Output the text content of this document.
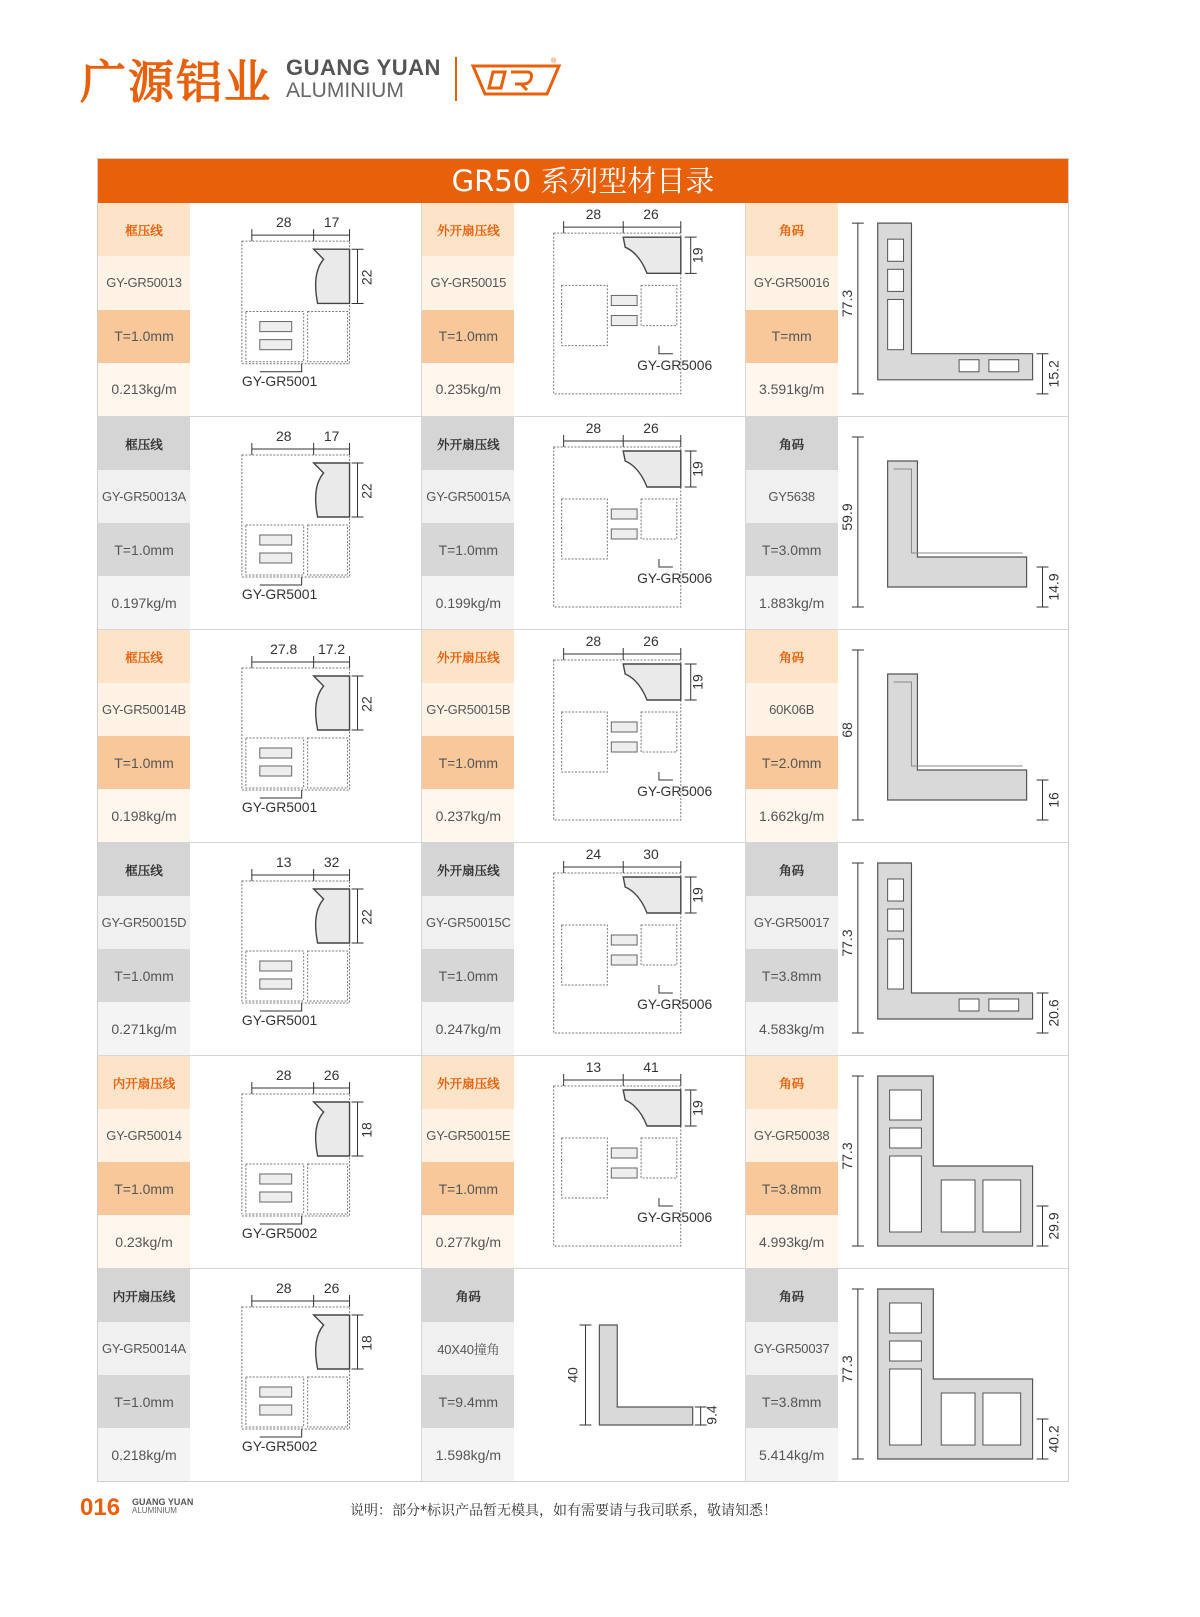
广源铝业 GUANG YUAN
ALUMINIUM
®
GR50 系列型材目录
框压线
GY-GR50013
T=1.0mm
0.213kg/m
28 17
22
GY-GR5001
外开扇压线
GY-GR50015
T=1.0mm
0.235kg/m
28	26
19
GY-GR5006
角码
GY-GR50016
T=mm
3.591kg/m
77.3
15.2
框压线
GY-GR50013A
T=1.0mm
0.197kg/m
28 17
22
GY-GR5001
外开扇压线
GY-GR50015A
T=1.0mm
0.199kg/m
28	26
19
GY-GR5006
角码
GY5638
T=3.0mm
1.883kg/m
59.9
14.9
框压线
GY-GR50014B
T=1.0mm
0.198kg/m
27.8 17.2
22
GY-GR5001
外开扇压线
GY-GR50015B
T=1.0mm
0.237kg/m
28	26
19
GY-GR5006
角码
60K06B
T=2.0mm
1.662kg/m
68
16
框压线
GY-GR50015D
T=1.0mm
0.271kg/m
13 32
22
GY-GR5001
外开扇压线
GY-GR50015C
T=1.0mm
0.247kg/m
24	30
19
GY-GR5006
角码
GY-GR50017
T=3.8mm
4.583kg/m
77.3
20.6
内开扇压线
GY-GR50014
T=1.0mm
0.23kg/m
28 26
18
GY-GR5002
外开扇压线
GY-GR50015E
T=1.0mm
0.277kg/m
13	41
19
GY-GR5006
角码
GY-GR50038
T=3.8mm
4.993kg/m
77.3
29.9
内开扇压线
GY-GR50014A
T=1.0mm
0.218kg/m
28 26
18
GY-GR5002
角码
40X40撞角
T=9.4mm
1.598kg/m
40
9.4
角码
GY-GR50037
T=3.8mm
5.414kg/m
77.3
40.2
016 GUANG YUAN
ALUMINIUM	说明：部分*标识产品暂无模具，如有需要请与我司联系，敬请知悉！
